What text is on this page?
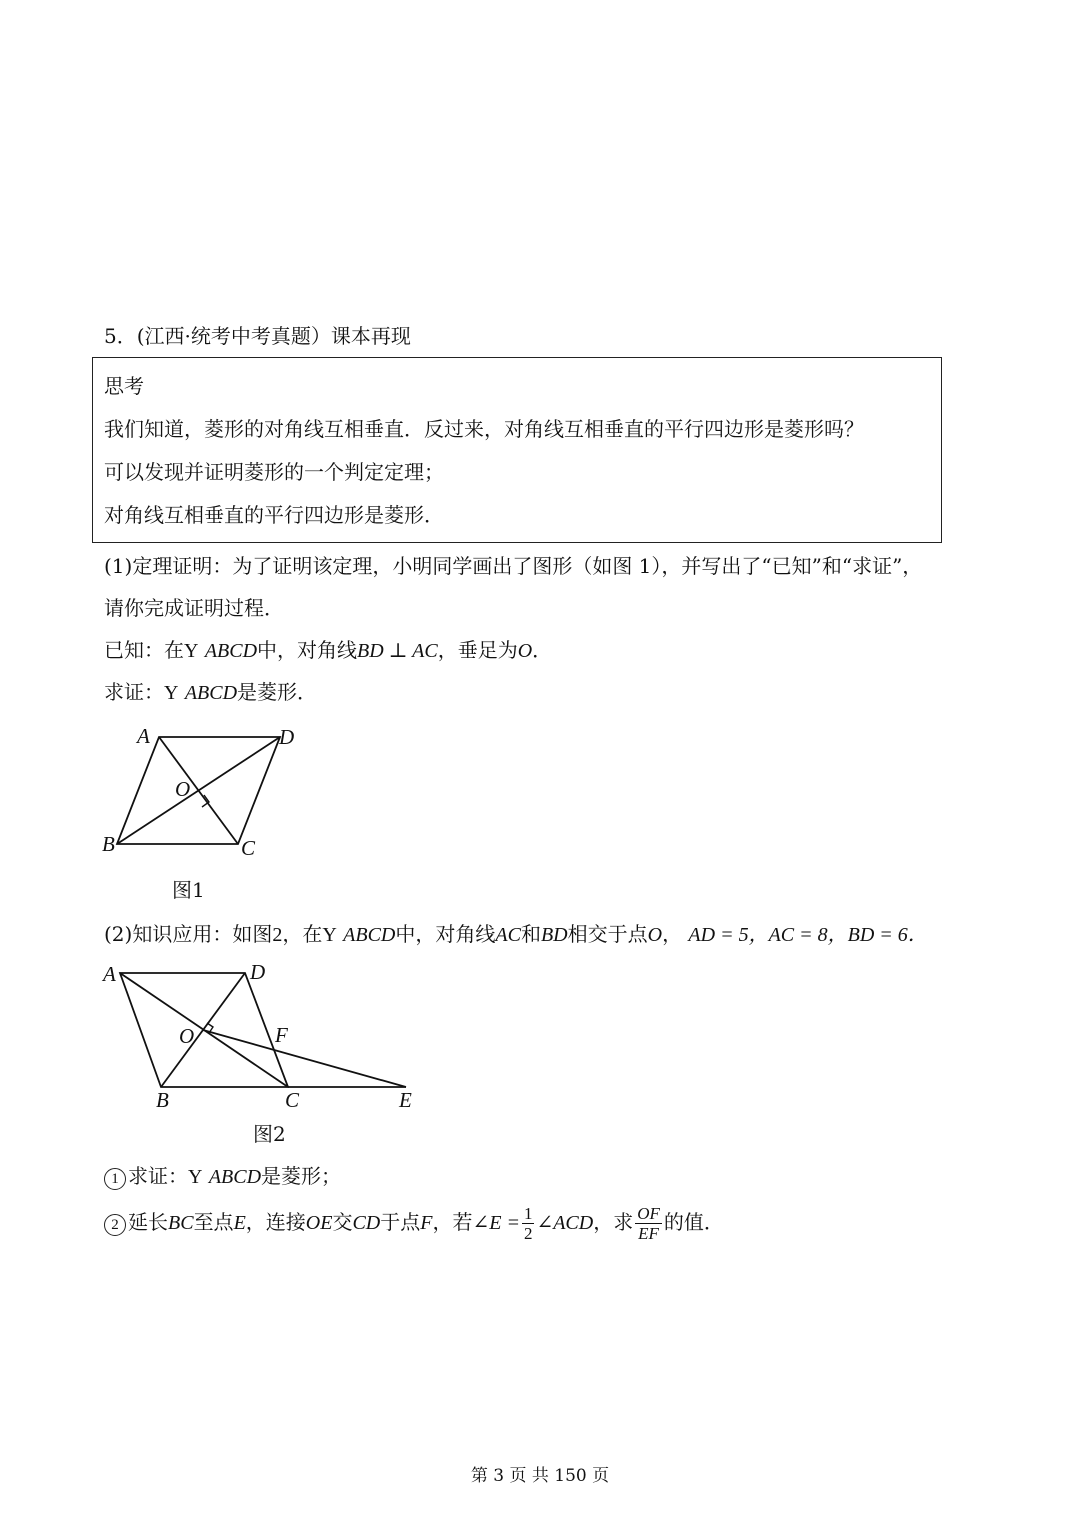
5．(江西·统考中考真题）课本再现
思考
我们知道，菱形的对角线互相垂直．反过来，对角线互相垂直的平行四边形是菱形吗？
可以发现并证明菱形的一个判定定理；
对角线互相垂直的平行四边形是菱形．
(1)定理证明：为了证明该定理，小明同学画出了图形（如图 1），并写出了“已知”和“求证”，
请你完成证明过程．
已知：在Y ABCD中，对角线BD ⊥ AC，垂足为O．
求证：Y ABCD是菱形．
A	D
O
B	C
图1
(2)知识应用：如图2，在Y ABCD中，对角线AC和BD相交于点O， AD = 5，AC = 8，BD = 6．
A	D
O	F
B	C	E
图2
1 求证：Y ABCD是菱形；
2 延长BC至点E，连接OE交CD于点F，若∠E = $\frac{1}{2}$ ∠ACD，求 $\frac{OF}{EF}$ 的值．
第 3 页 共 150 页
